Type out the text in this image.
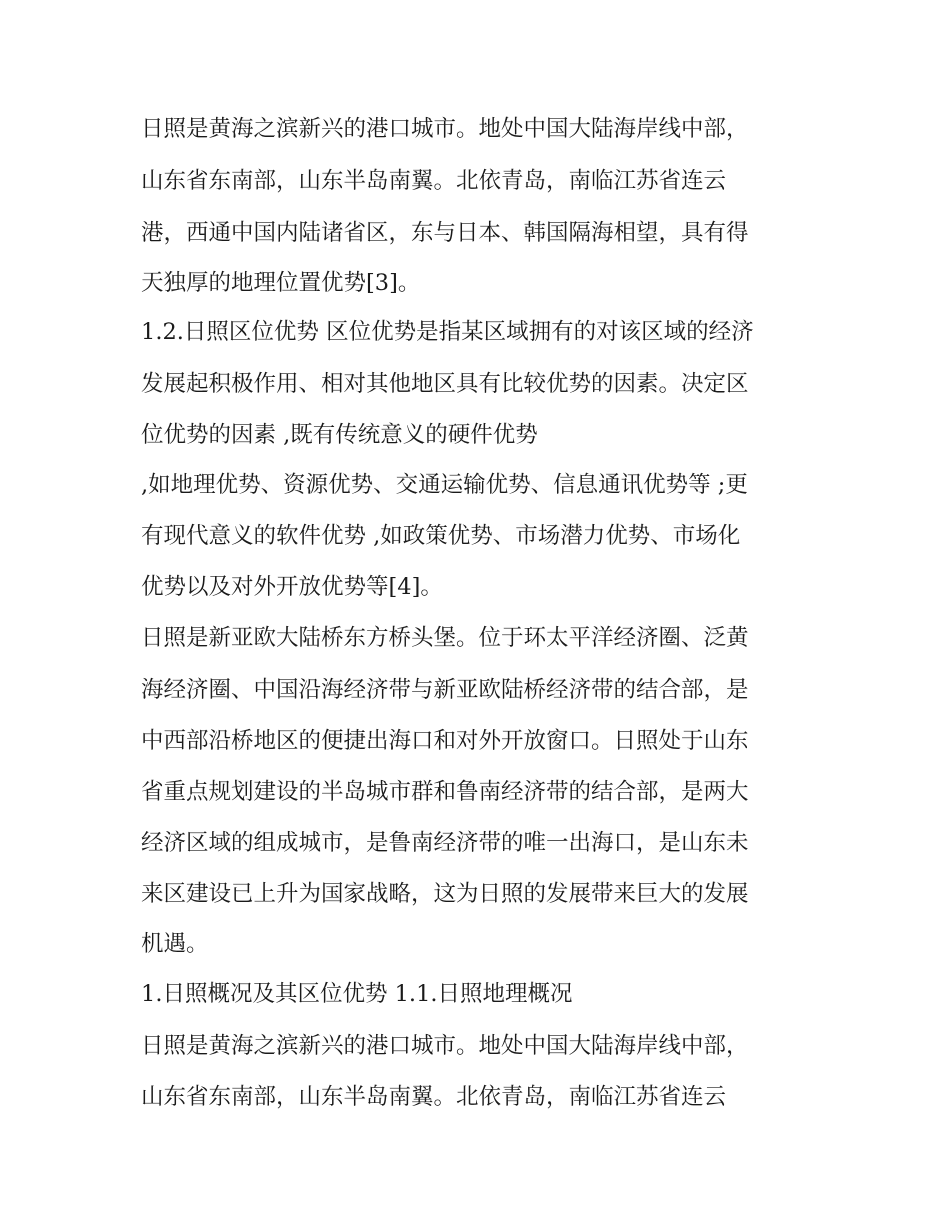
日照是黄海之滨新兴的港口城市。地处中国大陆海岸线中部，
山东省东南部，山东半岛南翼。北依青岛，南临江苏省连云
港，西通中国内陆诸省区，东与日本、韩国隔海相望，具有得
天独厚的地理位置优势[3]。
1.2.日照区位优势 区位优势是指某区域拥有的对该区域的经济
发展起积极作用、相对其他地区具有比较优势的因素。决定区
位优势的因素 ,既有传统意义的硬件优势
,如地理优势、资源优势、交通运输优势、信息通讯优势等 ;更
有现代意义的软件优势 ,如政策优势、市场潜力优势、市场化
优势以及对外开放优势等[4]。
日照是新亚欧大陆桥东方桥头堡。位于环太平洋经济圈、泛黄
海经济圈、中国沿海经济带与新亚欧陆桥经济带的结合部，是
中西部沿桥地区的便捷出海口和对外开放窗口。日照处于山东
省重点规划建设的半岛城市群和鲁南经济带的结合部，是两大
经济区域的组成城市，是鲁南经济带的唯一出海口，是山东未
来区建设已上升为国家战略，这为日照的发展带来巨大的发展
机遇。
1.日照概况及其区位优势 1.1.日照地理概况
日照是黄海之滨新兴的港口城市。地处中国大陆海岸线中部，
山东省东南部，山东半岛南翼。北依青岛，南临江苏省连云
